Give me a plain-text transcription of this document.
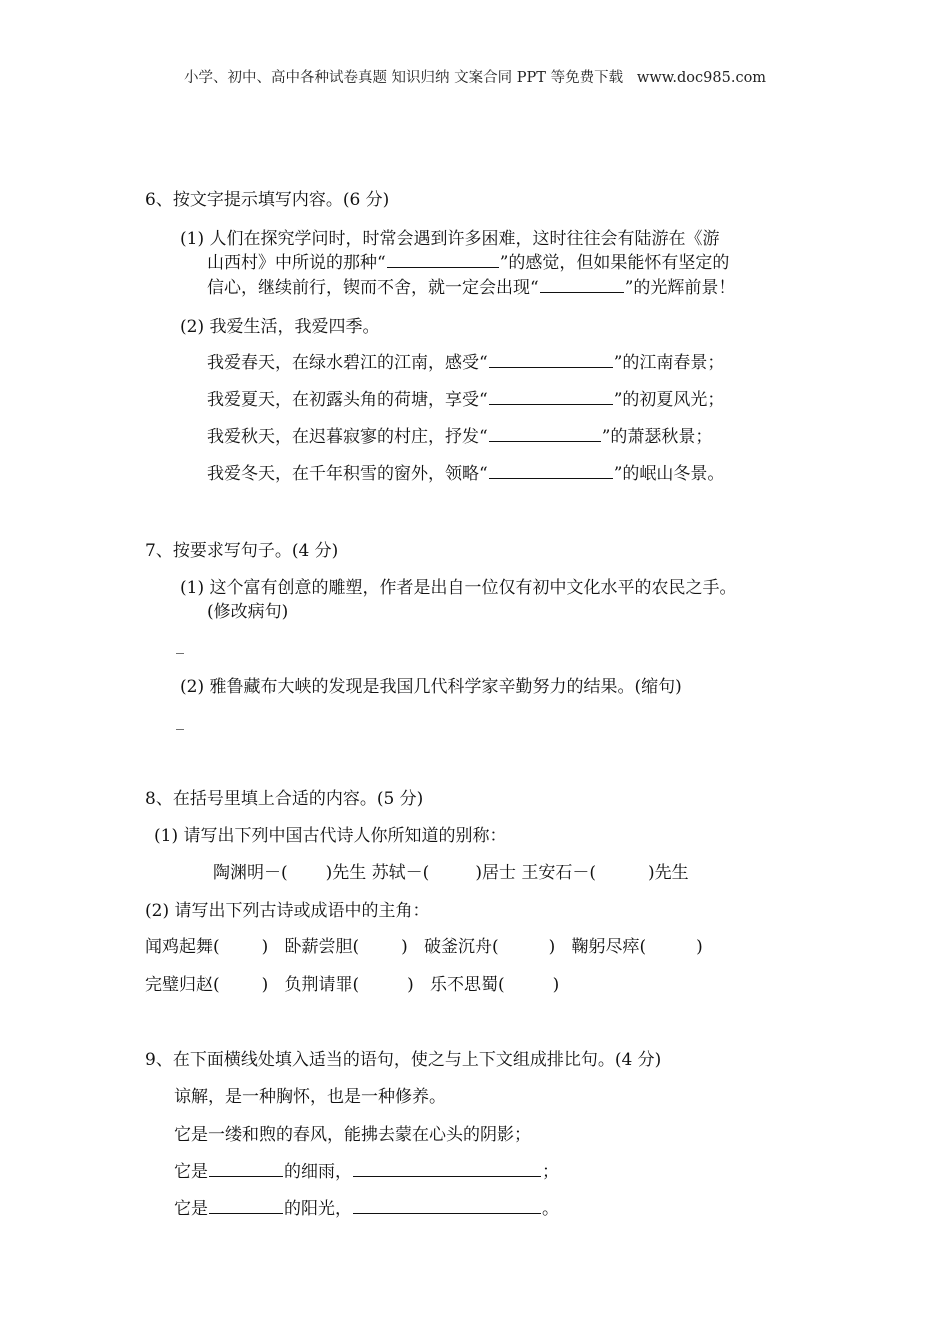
小学、初中、高中各种试卷真题 知识归纳 文案合同 PPT 等免费下载 www.doc985.com
6、按文字提示填写内容。(6 分)
(1) 人们在探究学问时，时常会遇到许多困难，这时往往会有陆游在《游
山西村》中所说的那种“	”的感觉，但如果能怀有坚定的
信心，继续前行，锲而不舍，就一定会出现“	”的光辉前景！
(2) 我爱生活，我爱四季。
我爱春天，在绿水碧江的江南，感受“	”的江南春景；
我爱夏天，在初露头角的荷塘，享受“	”的初夏风光；
我爱秋天，在迟暮寂寥的村庄，抒发“	”的萧瑟秋景；
我爱冬天，在千年积雪的窗外，领略“	”的岷山冬景。
7、按要求写句子。(4 分)
(1) 这个富有创意的雕塑，作者是出自一位仅有初中文化水平的农民之手。
(修改病句)
_
(2) 雅鲁藏布大峡的发现是我国几代科学家辛勤努力的结果。(缩句)
_
8、在括号里填上合适的内容。(5 分)
(1) 请写出下列中国古代诗人你所知道的别称：
陶渊明－( )先生 苏轼－(	)居士 王安石－(	)先生
(2) 请写出下列古诗或成语中的主角：
闻鸡起舞( ) 卧薪尝胆( ) 破釜沉舟(	) 鞠躬尽瘁(	)
完璧归赵( ) 负荆请罪(	) 乐不思蜀(	)
9、在下面横线处填入适当的语句，使之与上下文组成排比句。(4 分)
谅解，是一种胸怀，也是一种修养。
它是一缕和煦的春风，能拂去蒙在心头的阴影；
它是	的细雨，	；
它是	的阳光，	。
